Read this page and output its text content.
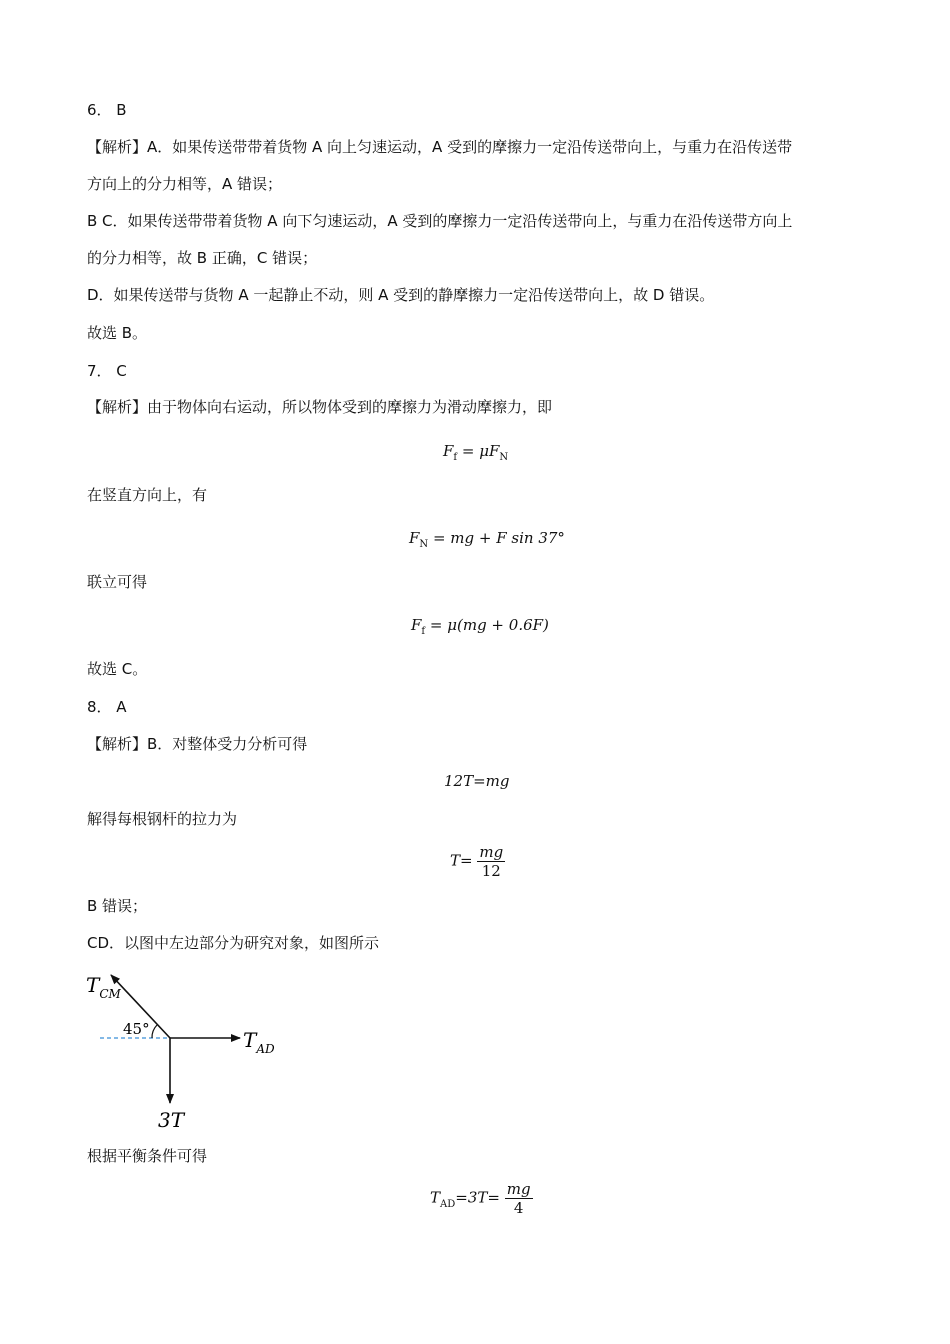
6． B
【解析】A．如果传送带带着货物 A 向上匀速运动，A 受到的摩擦力一定沿传送带向上，与重力在沿传送带
方向上的分力相等，A 错误；
B C．如果传送带带着货物 A 向下匀速运动，A 受到的摩擦力一定沿传送带向上，与重力在沿传送带方向上
的分力相等，故 B 正确，C 错误；
D．如果传送带与货物 A 一起静止不动，则 A 受到的静摩擦力一定沿传送带向上，故 D 错误。
故选 B。
7． C
【解析】由于物体向右运动，所以物体受到的摩擦力为滑动摩擦力，即
$F_f = \mu F_N$
在竖直方向上，有
$F_N$ = mg + F sin 37°
联立可得
$F_f = \mu(mg + 0.6F)$
故选 C。
8． A
【解析】B．对整体受力分析可得
12T=mg
解得每根钢杆的拉力为
$T= \frac{mg}{12}$
B 错误；
CD．以图中左边部分为研究对象，如图所示
$T_{CM}$
45°	$T_{AD}$
3T
根据平衡条件可得
$T_{AD}=3T= \frac{mg}{4}$
